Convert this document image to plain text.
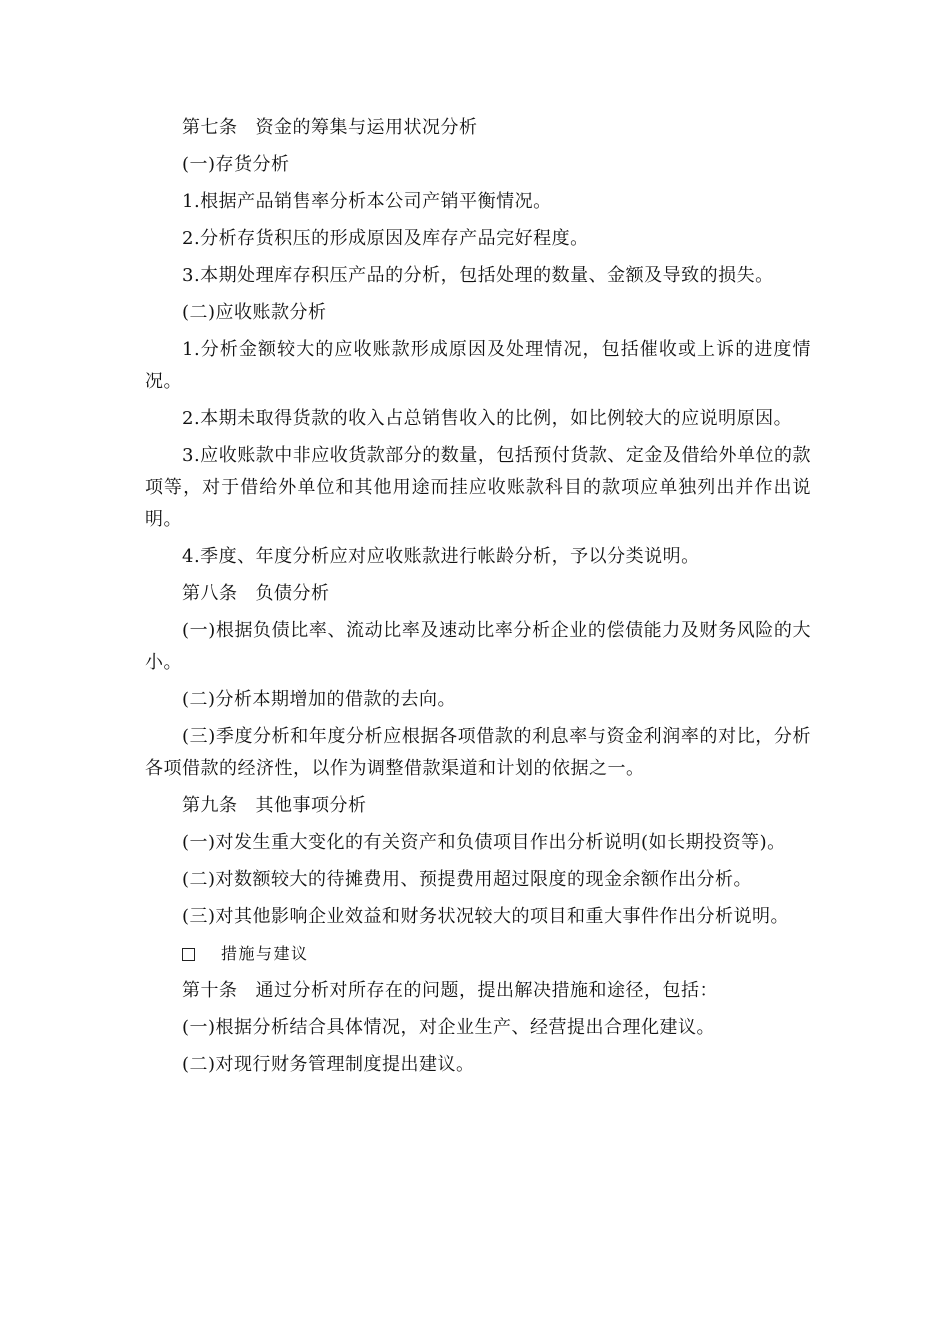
第七条 资金的筹集与运用状况分析

(一)存货分析

1.根据产品销售率分析本公司产销平衡情况。

2.分析存货积压的形成原因及库存产品完好程度。

3.本期处理库存积压产品的分析，包括处理的数量、金额及导致的损失。

(二)应收账款分析

1.分析金额较大的应收账款形成原因及处理情况，包括催收或上诉的进度情况。

2.本期未取得货款的收入占总销售收入的比例，如比例较大的应说明原因。

3.应收账款中非应收货款部分的数量，包括预付货款、定金及借给外单位的款项等，对于借给外单位和其他用途而挂应收账款科目的款项应单独列出并作出说明。

4.季度、年度分析应对应收账款进行帐龄分析，予以分类说明。

第八条 负债分析

(一)根据负债比率、流动比率及速动比率分析企业的偿债能力及财务风险的大小。

(二)分析本期增加的借款的去向。

(三)季度分析和年度分析应根据各项借款的利息率与资金利润率的对比，分析各项借款的经济性，以作为调整借款渠道和计划的依据之一。

第九条 其他事项分析

(一)对发生重大变化的有关资产和负债项目作出分析说明(如长期投资等)。

(二)对数额较大的待摊费用、预提费用超过限度的现金余额作出分析。

(三)对其他影响企业效益和财务状况较大的项目和重大事件作出分析说明。

措施与建议

第十条 通过分析对所存在的问题，提出解决措施和途径，包括：

(一)根据分析结合具体情况，对企业生产、经营提出合理化建议。

(二)对现行财务管理制度提出建议。
